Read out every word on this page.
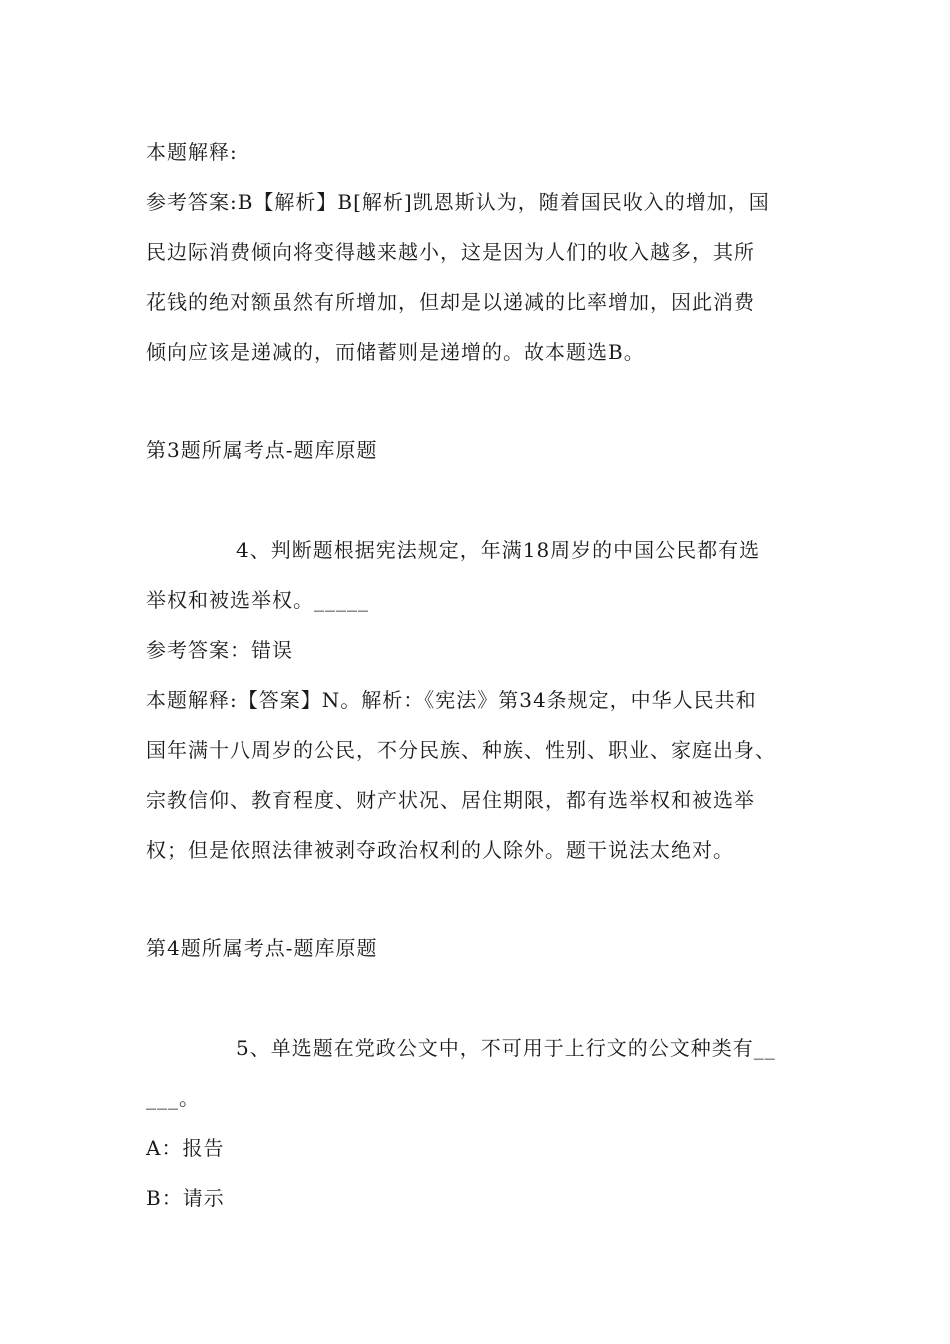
本题解释:
参考答案:B【解析】B[解析]凯恩斯认为，随着国民收入的增加，国
民边际消费倾向将变得越来越小，这是因为人们的收入越多，其所
花钱的绝对额虽然有所增加，但却是以递减的比率增加，因此消费
倾向应该是递减的，而储蓄则是递增的。故本题选B。
第3题所属考点-题库原题
4、判断题根据宪法规定，年满18周岁的中国公民都有选
举权和被选举权。_____
参考答案：错误
本题解释:【答案】N。解析：《宪法》第34条规定，中华人民共和
国年满十八周岁的公民，不分民族、种族、性别、职业、家庭出身、
宗教信仰、教育程度、财产状况、居住期限，都有选举权和被选举
权；但是依照法律被剥夺政治权利的人除外。题干说法太绝对。
第4题所属考点-题库原题
5、单选题在党政公文中，不可用于上行文的公文种类有__
___。
A：报告
B：请示
